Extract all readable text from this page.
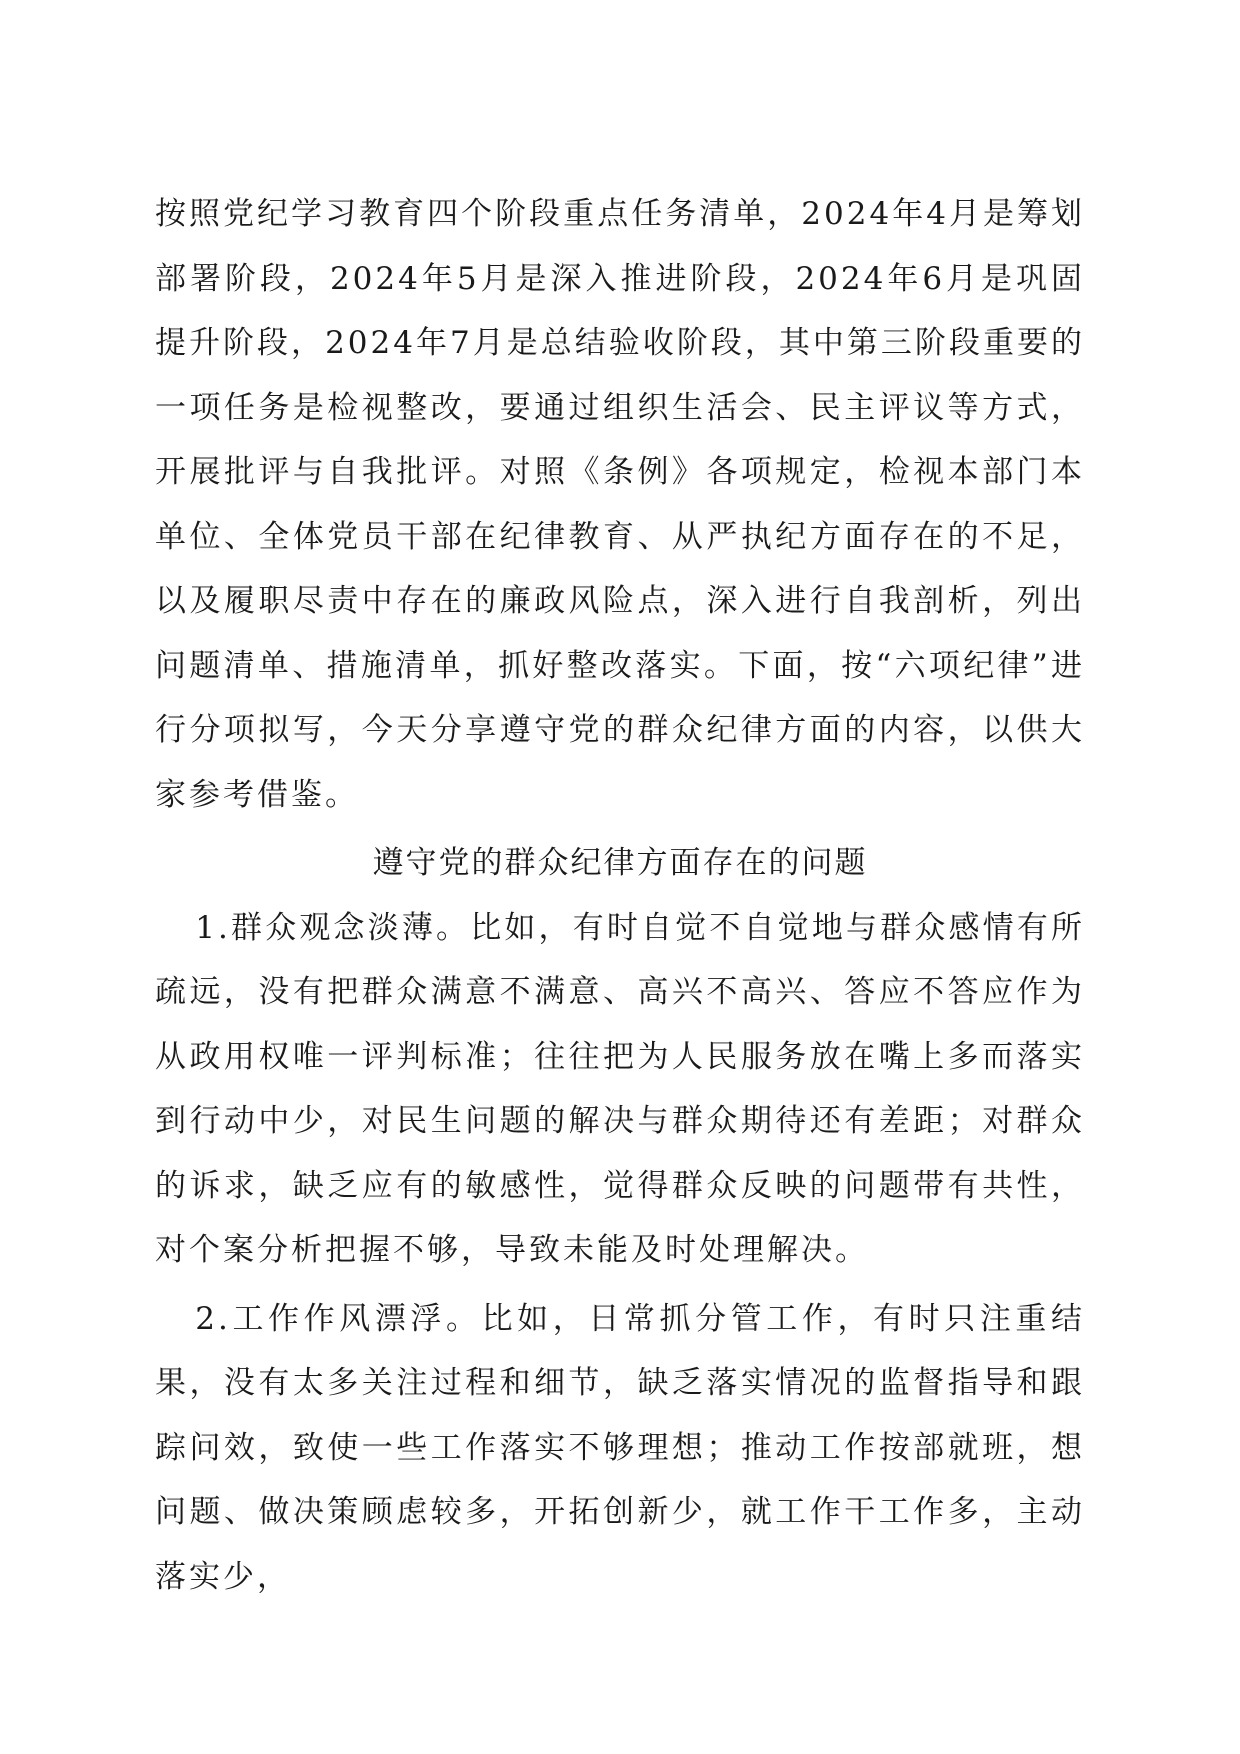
按照党纪学习教育四个阶段重点任务清单，2024年4月是筹划部署阶段，2024年5月是深入推进阶段，2024年6月是巩固提升阶段，2024年7月是总结验收阶段，其中第三阶段重要的一项任务是检视整改，要通过组织生活会、民主评议等方式，开展批评与自我批评。对照《条例》各项规定，检视本部门本单位、全体党员干部在纪律教育、从严执纪方面存在的不足，以及履职尽责中存在的廉政风险点，深入进行自我剖析，列出问题清单、措施清单，抓好整改落实。下面，按“六项纪律”进行分项拟写，今天分享遵守党的群众纪律方面的内容，以供大家参考借鉴。

遵守党的群众纪律方面存在的问题

1.群众观念淡薄。比如，有时自觉不自觉地与群众感情有所疏远，没有把群众满意不满意、高兴不高兴、答应不答应作为从政用权唯一评判标准；往往把为人民服务放在嘴上多而落实到行动中少，对民生问题的解决与群众期待还有差距；对群众的诉求，缺乏应有的敏感性，觉得群众反映的问题带有共性，对个案分析把握不够，导致未能及时处理解决。

2.工作作风漂浮。比如，日常抓分管工作，有时只注重结果，没有太多关注过程和细节，缺乏落实情况的监督指导和跟踪问效，致使一些工作落实不够理想；推动工作按部就班，想问题、做决策顾虑较多，开拓创新少，就工作干工作多，主动落实少，
